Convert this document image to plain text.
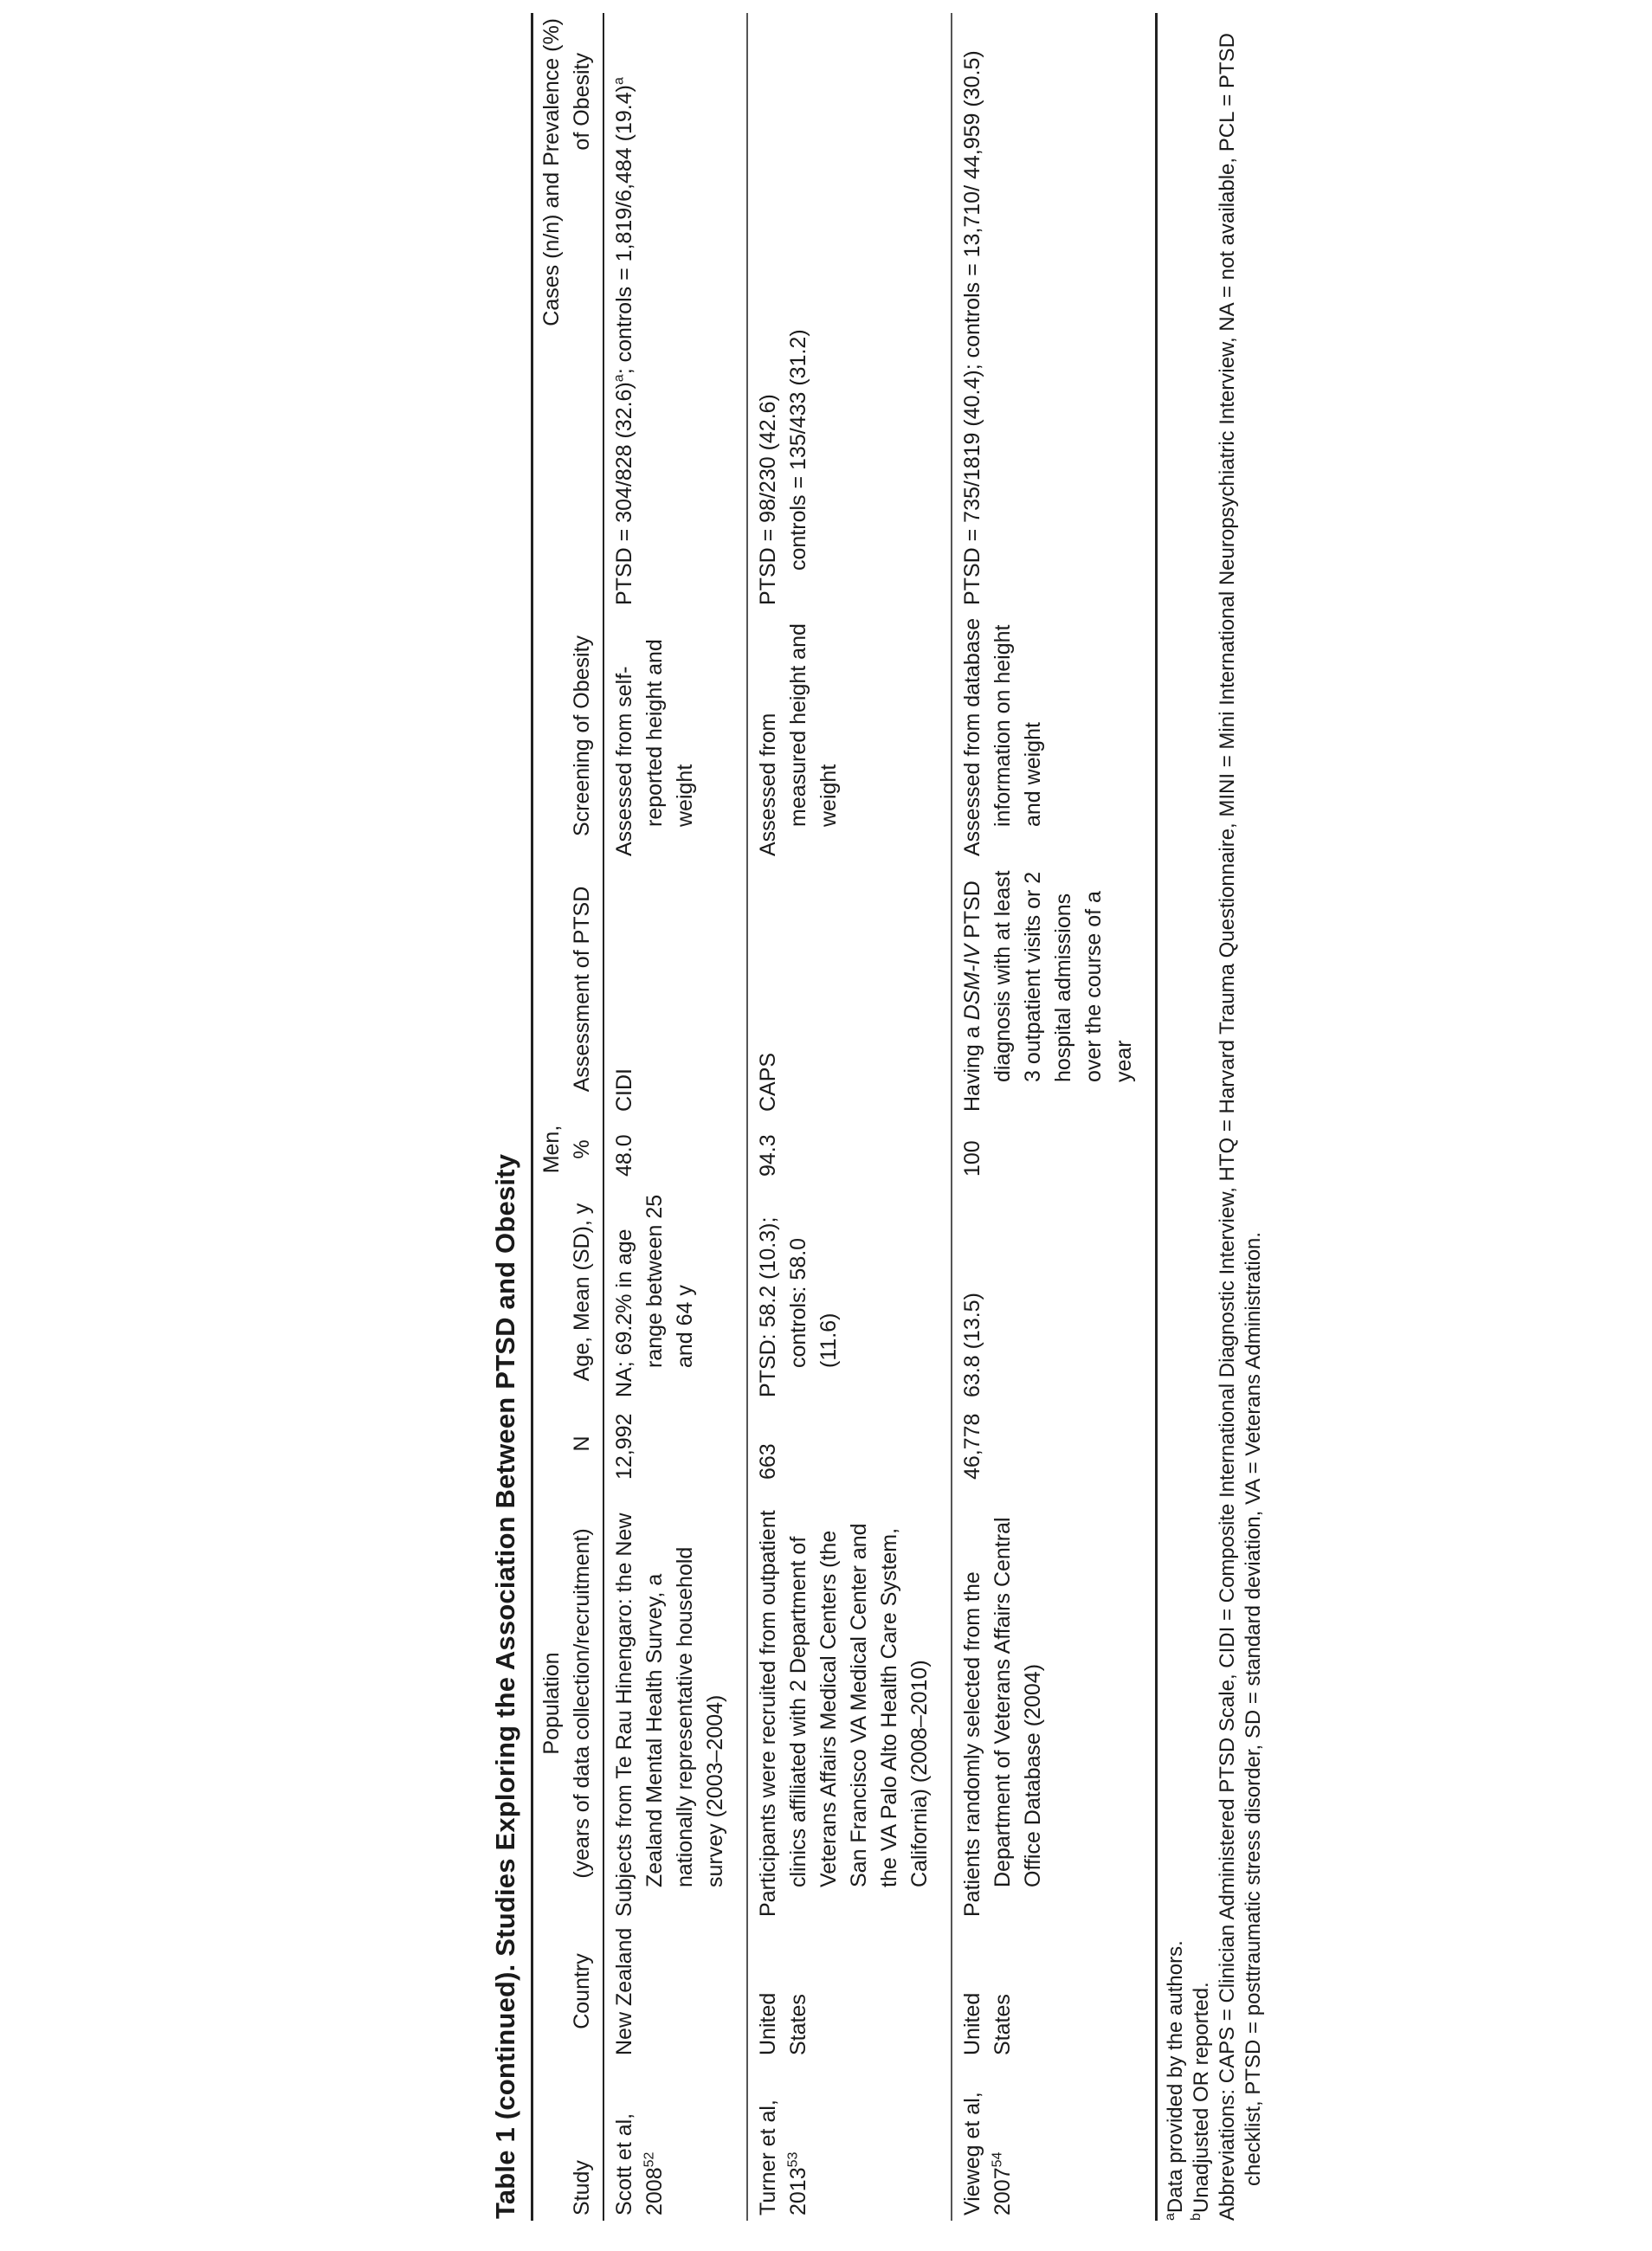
Table 1 (continued). Studies Exploring the Association Between PTSD and Obesity	Study	Country	Population (years of data collection/recruitment)	N	Age, Mean (SD), y	Men, %	Assessment of PTSD	Screening of Obesity	Cases (n/n) and Prevalence (%) of Obesity

Scott et al, 2008$^{52}$	New Zealand	Subjects from Te Rau Hinengaro: the New Zealand Mental Health Survey, a nationally representative household survey (2003–2004)	12,992	NA; 69.2% in age range between 25 and 64 y	48.0	CIDI	Assessed from self-reported height and weight	PTSD = 304/828 $(32.6)^a$; controls = 1,819/6,484 $(19.4)^a$
Turner et al, 2013$^{53}$	United States	Participants were recruited from outpatient clinics affiliated with 2 Department of Veterans Affairs Medical Centers (the San Francisco VA Medical Center and the VA Palo Alto Health Care System, California) (2008–2010)	663	PTSD: 58.2 (10.3); controls: 58.0 (11.6)	94.3	CAPS	Assessed from measured height and weight	PTSD = 98/230 (42.6) controls = 135/433 (31.2)

Vieweg et al, 2007$^{54}$	United States	Patients randomly selected from the Department of Veterans Affairs Central Office Database (2004)	46,778	63.8 (13.5)	100	Having a DSM-IV PTSD diagnosis with at least 3 outpatient visits or 2 hospital admissions over the course of a year	Assessed from database information on height and weight	PTSD = 735/1819 (40.4); controls = 13,710/ 44,959 (30.5)
$^a$Data provided by the authors.
$^b$Unadjusted OR reported. Abbreviations: CAPS = Clinician Administered PTSD Scale, CIDI = Composite International Diagnostic Interview, HTQ = Harvard Trauma Questionnaire, MINI = Mini International Neuropsychiatric Interview, NA = not available, PCL = PTSD checklist, PTSD = posttraumatic stress disorder, SD = standard deviation, VA = Veterans Administration.
